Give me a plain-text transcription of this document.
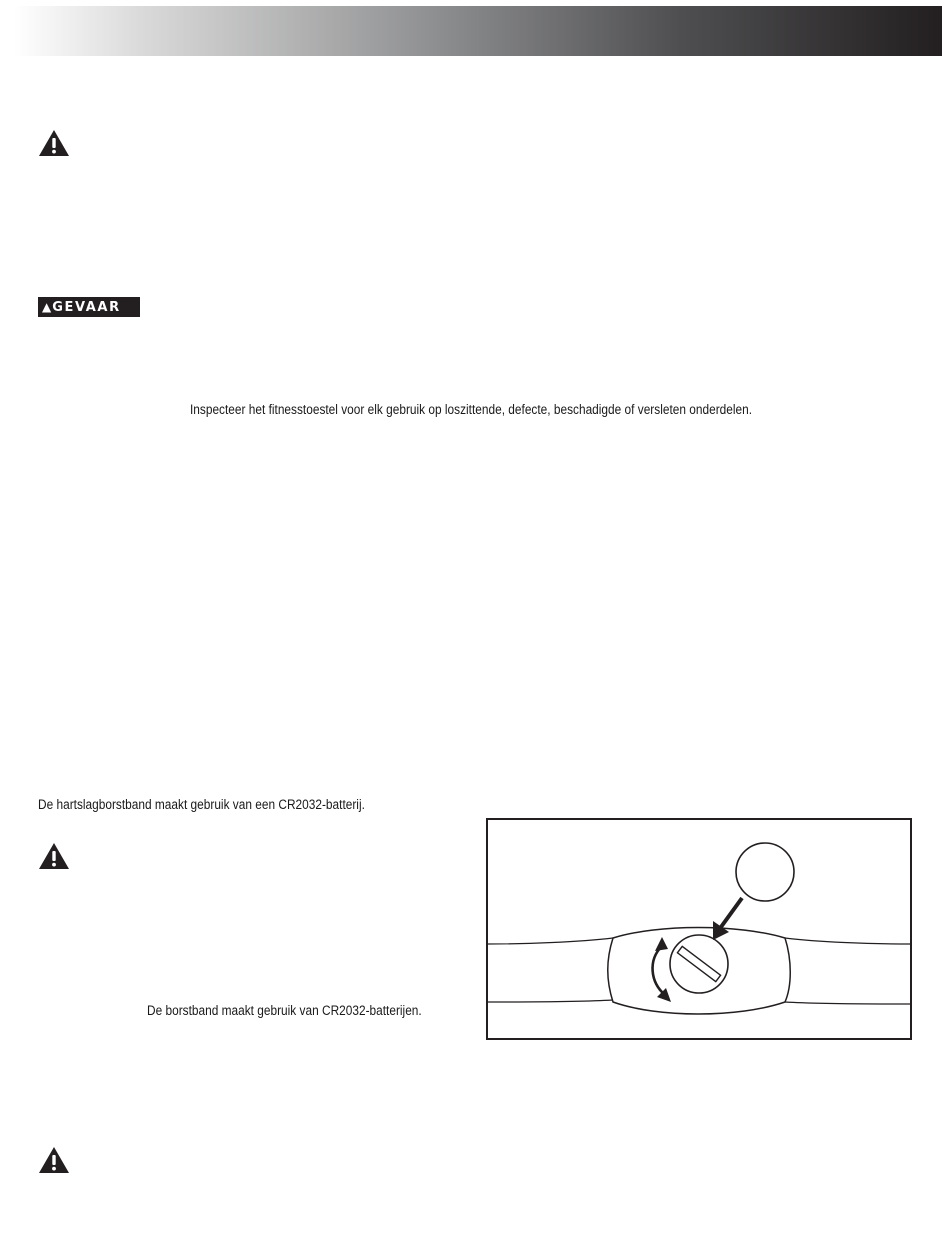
▲GEVAAR
Inspecteer het fitnesstoestel voor elk gebruik op loszittende, defecte, beschadigde of versleten onderdelen.
De hartslagborstband maakt gebruik van een CR2032-batterij.
De borstband maakt gebruik van CR2032-batterijen.
